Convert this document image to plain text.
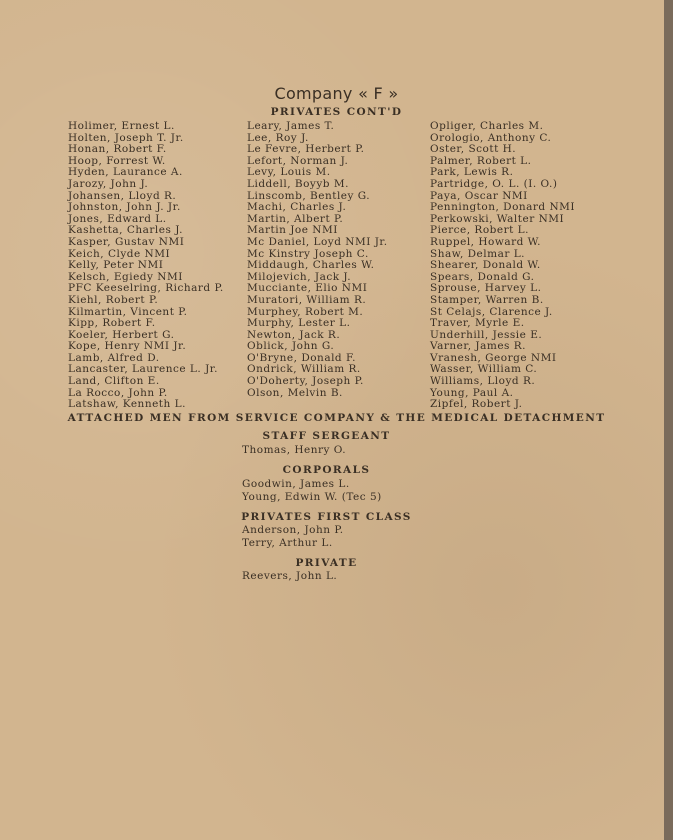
Company « F »
PRIVATES CONT'D
Holimer, Ernest L.
Holten, Joseph T. Jr.
Honan, Robert F.
Hoop, Forrest W.
Hyden, Laurance A.
Jarozy, John J.
Johansen, Lloyd R.
Johnston, John J. Jr.
Jones, Edward L.
Kashetta, Charles J.
Kasper, Gustav NMI
Keich, Clyde NMI
Kelly, Peter NMI
Kelsch, Egiedy NMI
PFC Keeselring, Richard P.
Kiehl, Robert P.
Kilmartin, Vincent P.
Kipp, Robert F.
Koeler, Herbert G.
Kope, Henry NMI Jr.
Lamb, Alfred D.
Lancaster, Laurence L. Jr.
Land, Clifton E.
La Rocco, John P.
Latshaw, Kenneth L.
Leary, James T.
Lee, Roy J.
Le Fevre, Herbert P.
Lefort, Norman J.
Levy, Louis M.
Liddell, Boyyb M.
Linscomb, Bentley G.
Machi, Charles J.
Martin, Albert P.
Martin Joe NMI
Mc Daniel, Loyd NMI Jr.
Mc Kinstry Joseph C.
Middaugh, Charles W.
Milojevich, Jack J.
Mucciante, Elio NMI
Muratori, William R.
Murphey, Robert M.
Murphy, Lester L.
Newton, Jack R.
Oblick, John G.
O'Bryne, Donald F.
Ondrick, William R.
O'Doherty, Joseph P.
Olson, Melvin B.
Opliger, Charles M.
Orologio, Anthony C.
Oster, Scott H.
Palmer, Robert L.
Park, Lewis R.
Partridge, O. L. (I. O.)
Paya, Oscar NMI
Pennington, Donard NMI
Perkowski, Walter NMI
Pierce, Robert L.
Ruppel, Howard W.
Shaw, Delmar L.
Shearer, Donald W.
Spears, Donald G.
Sprouse, Harvey L.
Stamper, Warren B.
St Celajs, Clarence J.
Traver, Myrle E.
Underhill, Jessie E.
Varner, James R.
Vranesh, George NMI
Wasser, William C.
Williams, Lloyd R.
Young, Paul A.
Zipfel, Robert J.
ATTACHED MEN FROM SERVICE COMPANY & THE MEDICAL DETACHMENT
STAFF SERGEANT
Thomas, Henry O.
CORPORALS
Goodwin, James L.
Young, Edwin W. (Tec 5)
PRIVATES FIRST CLASS
Anderson, John P.
Terry, Arthur L.
PRIVATE
Reevers, John L.
